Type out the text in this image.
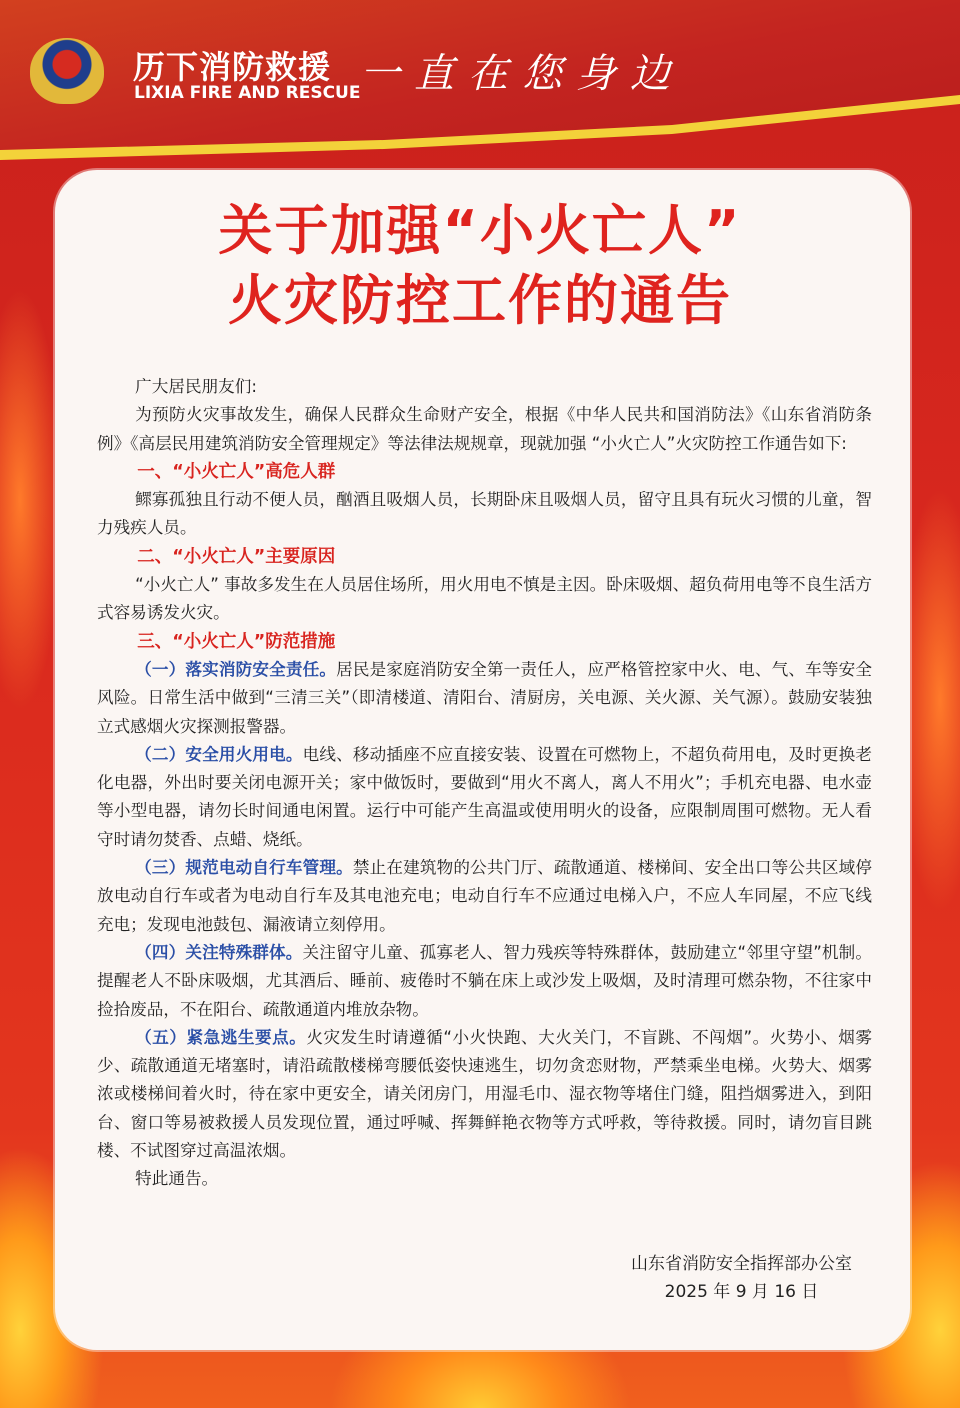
历下消防救援
LIXIA FIRE AND RESCUE 一直在您身边
关于加强“小火亡人”
火灾防控工作的通告

广大居民朋友们:

为预防火灾事故发生，确保人民群众生命财产安全，根据《中华人民共和国消防法》《山东省消防条例》《高层民用建筑消防安全管理规定》等法律法规规章，现就加强 “小火亡人”火灾防控工作通告如下:

一、“小火亡人”高危人群

鳏寡孤独且行动不便人员，酗酒且吸烟人员，长期卧床且吸烟人员，留守且具有玩火习惯的儿童，智力残疾人员。

二、“小火亡人”主要原因

“小火亡人” 事故多发生在人员居住场所，用火用电不慎是主因。卧床吸烟、超负荷用电等不良生活方式容易诱发火灾。

三、“小火亡人”防范措施

（一）落实消防安全责任。居民是家庭消防安全第一责任人，应严格管控家中火、电、气、车等安全风险。日常生活中做到“三清三关”（即清楼道、清阳台、清厨房，关电源、关火源、关气源）。鼓励安装独立式感烟火灾探测报警器。

（二）安全用火用电。电线、移动插座不应直接安装、设置在可燃物上，不超负荷用电，及时更换老化电器，外出时要关闭电源开关；家中做饭时，要做到“用火不离人，离人不用火”；手机充电器、电水壶等小型电器，请勿长时间通电闲置。运行中可能产生高温或使用明火的设备，应限制周围可燃物。无人看守时请勿焚香、点蜡、烧纸。

（三）规范电动自行车管理。禁止在建筑物的公共门厅、疏散通道、楼梯间、安全出口等公共区域停放电动自行车或者为电动自行车及其电池充电；电动自行车不应通过电梯入户，不应人车同屋，不应飞线充电；发现电池鼓包、漏液请立刻停用。

（四）关注特殊群体。关注留守儿童、孤寡老人、智力残疾等特殊群体，鼓励建立“邻里守望”机制。提醒老人不卧床吸烟，尤其酒后、睡前、疲倦时不躺在床上或沙发上吸烟，及时清理可燃杂物，不往家中捡拾废品，不在阳台、疏散通道内堆放杂物。

（五）紧急逃生要点。火灾发生时请遵循“小火快跑、大火关门，不盲跳、不闯烟”。火势小、烟雾少、疏散通道无堵塞时，请沿疏散楼梯弯腰低姿快速逃生，切勿贪恋财物，严禁乘坐电梯。火势大、烟雾浓或楼梯间着火时，待在家中更安全，请关闭房门，用湿毛巾、湿衣物等堵住门缝，阻挡烟雾进入，到阳台、窗口等易被救援人员发现位置，通过呼喊、挥舞鲜艳衣物等方式呼救，等待救援。同时，请勿盲目跳楼、不试图穿过高温浓烟。

特此通告。

山东省消防安全指挥部办公室
2025 年 9 月 16 日
